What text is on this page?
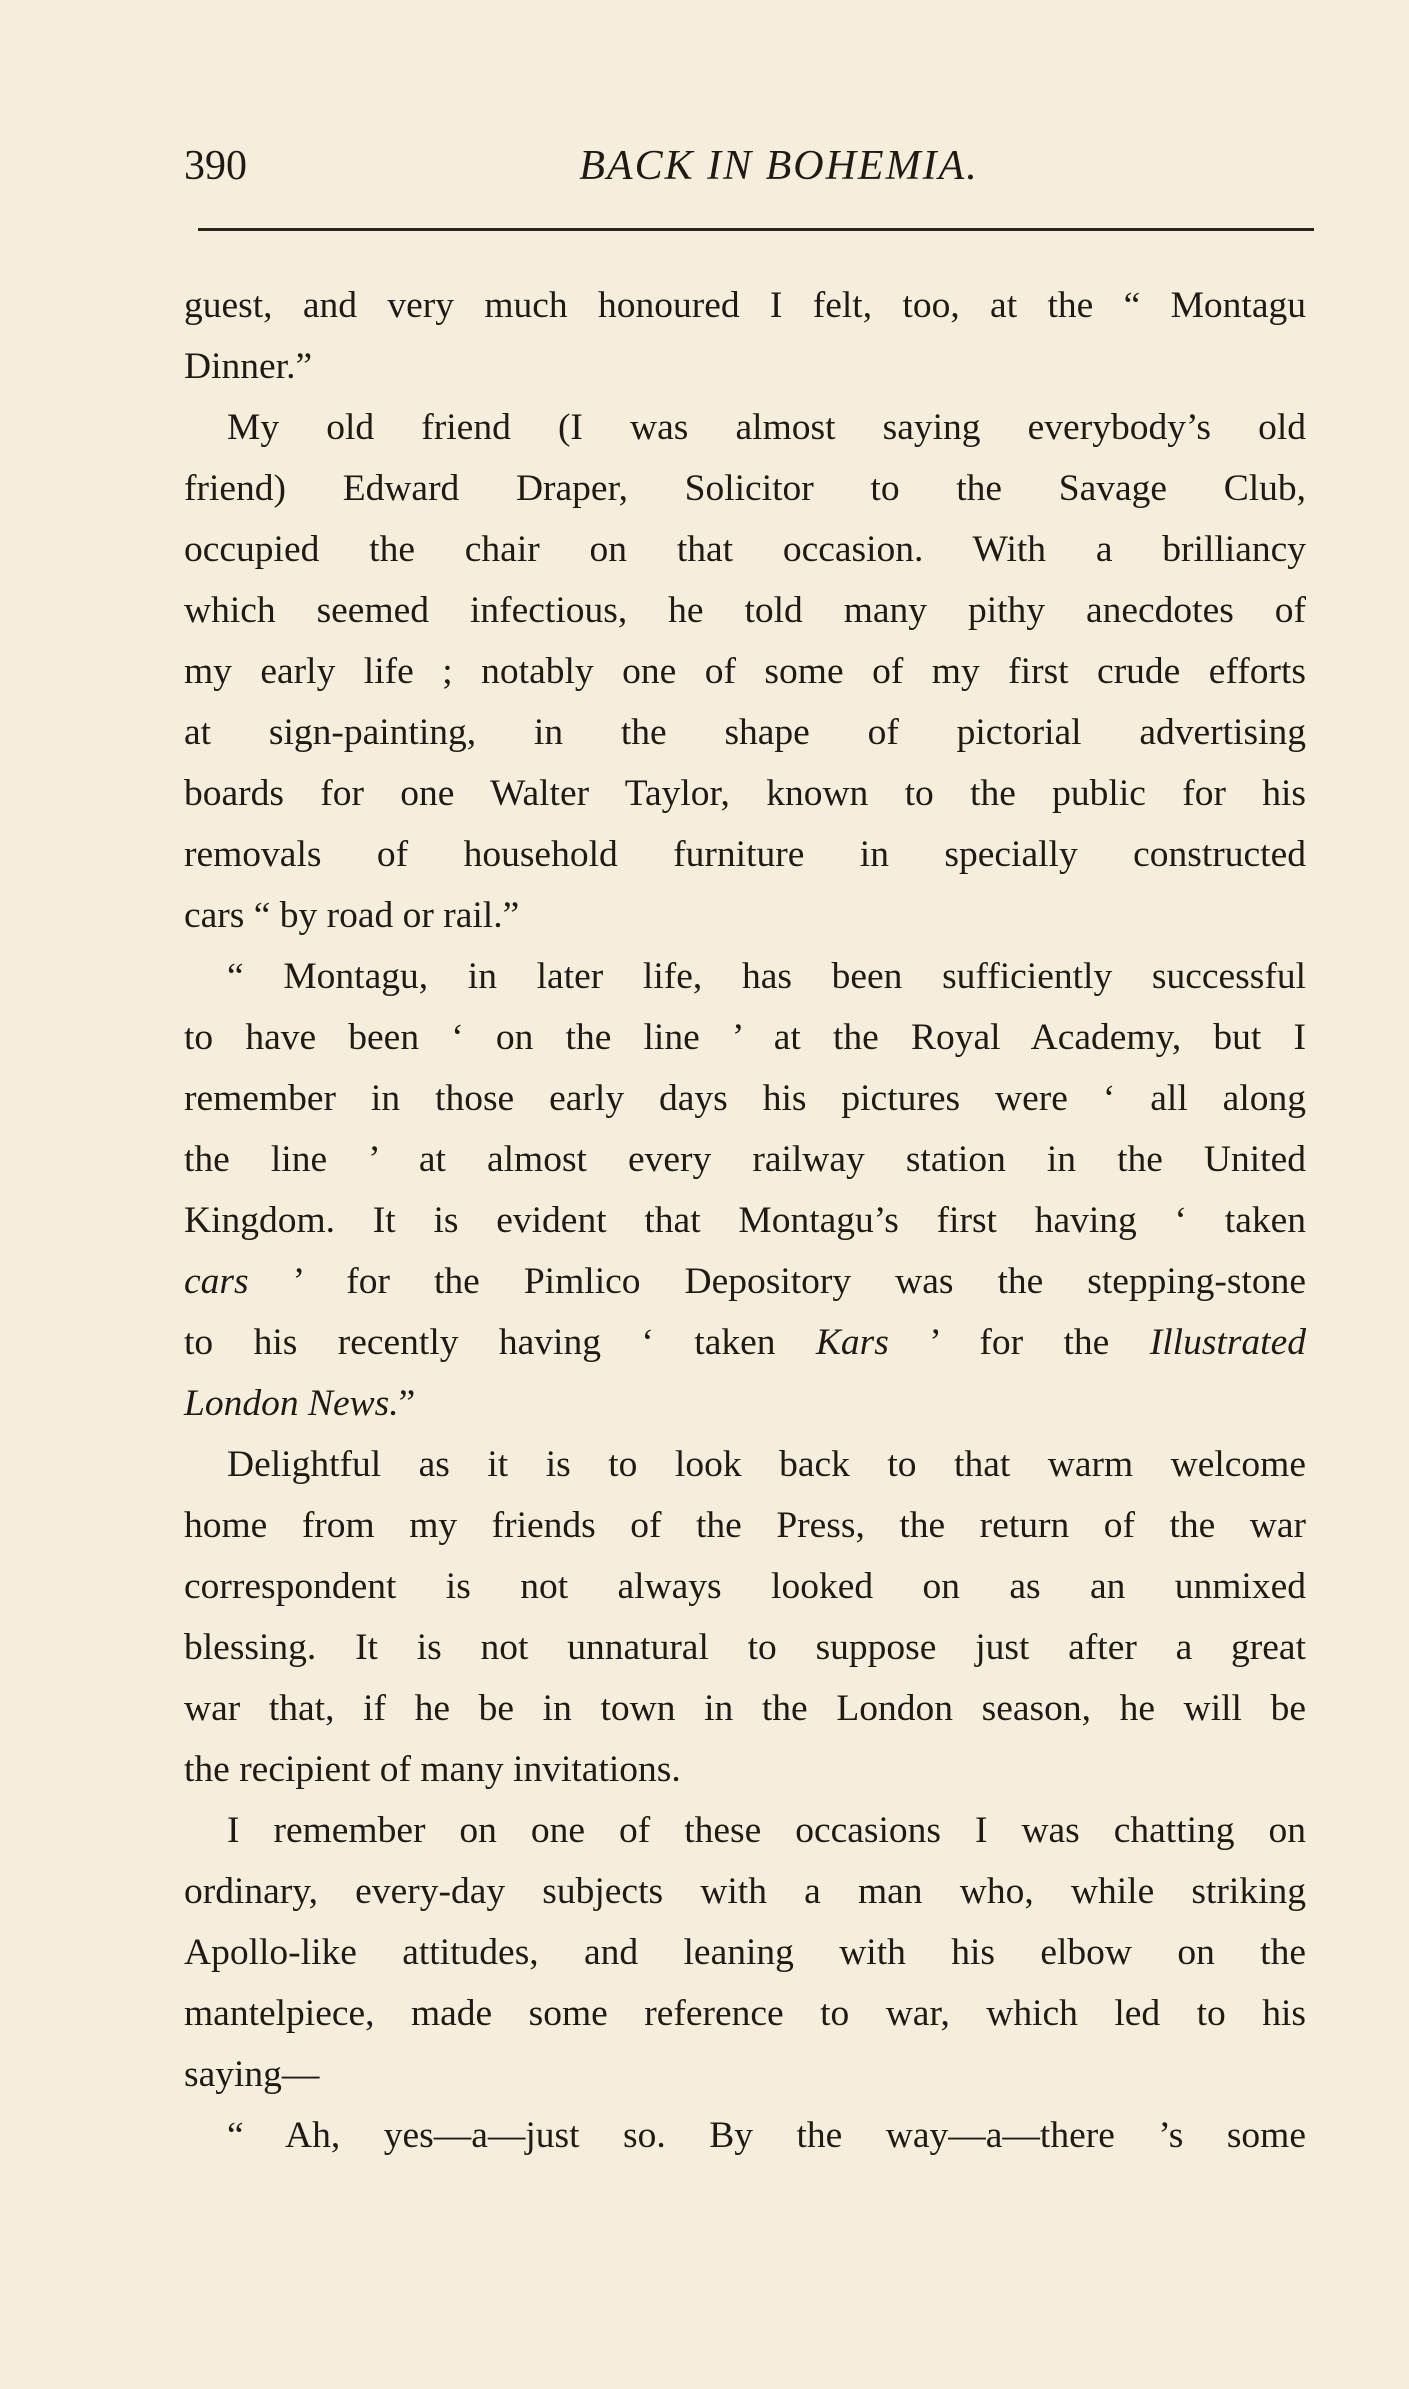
390	BACK IN BOHEMIA.
guest, and very much honoured I felt, too, at the “ Montagu
Dinner.”
My old friend (I was almost saying everybody’s old
friend) Edward Draper, Solicitor to the Savage Club,
occupied the chair on that occasion. With a brilliancy
which seemed infectious, he told many pithy anecdotes of
my early life ; notably one of some of my first crude efforts
at sign-painting, in the shape of pictorial advertising
boards for one Walter Taylor, known to the public for his
removals of household furniture in specially constructed
cars “ by road or rail.”
“ Montagu, in later life, has been sufficiently successful
to have been ‘ on the line ’ at the Royal Academy, but I
remember in those early days his pictures were ‘ all along
the line ’ at almost every railway station in the United
Kingdom. It is evident that Montagu’s first having ‘ taken
cars ’ for the Pimlico Depository was the stepping-stone
to his recently having ‘ taken Kars ’ for the Illustrated
London News.”
Delightful as it is to look back to that warm welcome
home from my friends of the Press, the return of the war
correspondent is not always looked on as an unmixed
blessing. It is not unnatural to suppose just after a great
war that, if he be in town in the London season, he will be
the recipient of many invitations.
I remember on one of these occasions I was chatting on
ordinary, every-day subjects with a man who, while striking
Apollo-like attitudes, and leaning with his elbow on the
mantelpiece, made some reference to war, which led to his
saying—
“ Ah, yes—a—just so. By the way—a—there ’s some
